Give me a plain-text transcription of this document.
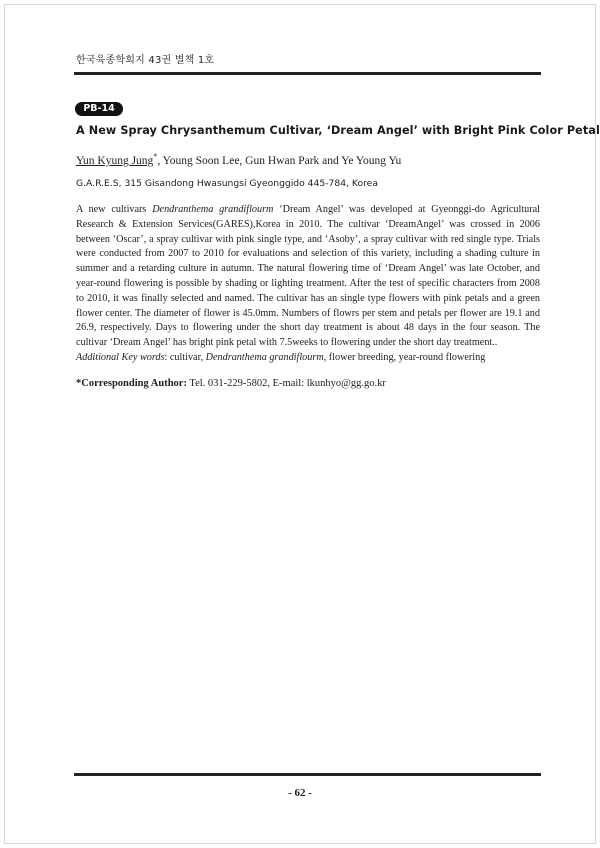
한국육종학회지 43권 별책 1호
PB-14
A New Spray Chrysanthemum Cultivar, ‘Dream Angel’ with Bright Pink Color Petal
Yun Kyung Jung*, Young Soon Lee, Gun Hwan Park and Ye Young Yu
G.A.R.E.S, 315 Gisandong Hwasungsi Gyeonggido 445-784, Korea

A new cultivars Dendranthema grandiflourm ‘Dream Angel’ was developed at Gyeonggi-do Agricultural Research & Extension Services(GARES),Korea in 2010. The cultivar ‘DreamAngel’ was crossed in 2006 between ‘Oscar’, a spray cultivar with pink single type, and ‘Asoby’, a spray cultivar with red single type. Trials were conducted from 2007 to 2010 for evaluations and selection of this variety, including a shading culture in summer and a retarding culture in autumn. The natural flowering time of ‘Dream Angel’ was late October, and year-round flowering is possible by shading or lighting treatment. After the test of specific characters from 2008 to 2010, it was finally selected and named. The cultivar has an single type flowers with pink petals and a green flower center. The diameter of flower is 45.0mm. Numbers of flowrs per stem and petals per flower are 19.1 and 26.9, respectively. Days to flowering under the short day treatment is about 48 days in the four season. The cultivar ‘Dream Angel’ has bright pink petal with 7.5weeks to flowering under the short day treatment..

Additional Key words: cultivar, Dendranthema grandiflourm, flower breeding, year-round flowering
*Corresponding Author: Tel. 031-229-5802, E-mail: lkunhyo@gg.go.kr
- 62 -
